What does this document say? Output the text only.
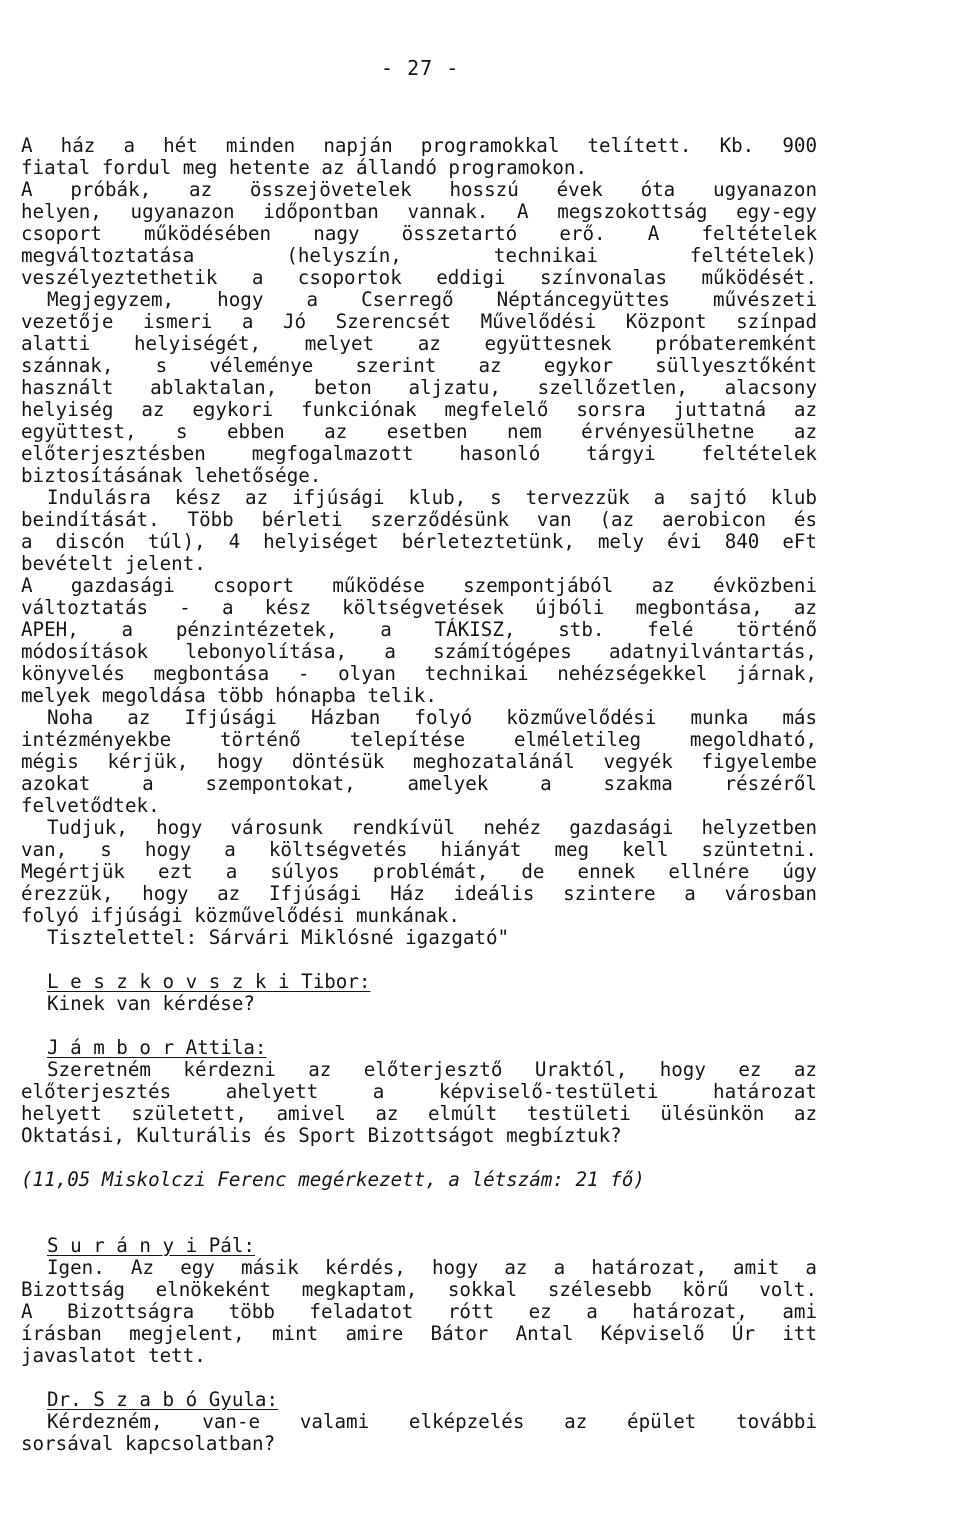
- 27 -
A ház a hét minden napján programokkal telített. Kb. 900
fiatal fordul meg hetente az állandó programokon.
A próbák, az összejövetelek hosszú évek óta ugyanazon
helyen, ugyanazon időpontban vannak. A megszokottság egy-egy
csoport működésében nagy összetartó erő. A feltételek
megváltoztatása (helyszín, technikai feltételek)
veszélyeztethetik a csoportok eddigi színvonalas működését.
Megjegyzem, hogy a Cserregő Néptáncegyüttes művészeti
vezetője ismeri a Jó Szerencsét Művelődési Központ színpad
alatti helyiségét, melyet az együttesnek próbateremként
szánnak, s véleménye szerint az egykor süllyesztőként
használt ablaktalan, beton aljzatu, szellőzetlen, alacsony
helyiség az egykori funkciónak megfelelő sorsra juttatná az
együttest, s ebben az esetben nem érvényesülhetne az
előterjesztésben megfogalmazott hasonló tárgyi feltételek
biztosításának lehetősége.
Indulásra kész az ifjúsági klub, s tervezzük a sajtó klub
beindítását. Több bérleti szerződésünk van (az aerobicon és
a discón túl), 4 helyiséget bérleteztetünk, mely évi 840 eFt
bevételt jelent.
A gazdasági csoport működése szempontjából az évközbeni
változtatás - a kész költségvetések újbóli megbontása, az
APEH, a pénzintézetek, a TÁKISZ, stb. felé történő
módosítások lebonyolítása, a számítógépes adatnyilvántartás,
könyvelés megbontása - olyan technikai nehézségekkel járnak,
melyek megoldása több hónapba telik.
Noha az Ifjúsági Házban folyó közművelődési munka más
intézményekbe történő telepítése elméletileg megoldható,
mégis kérjük, hogy döntésük meghozatalánál vegyék figyelembe
azokat a szempontokat, amelyek a szakma részéről
felvetődtek.
Tudjuk, hogy városunk rendkívül nehéz gazdasági helyzetben
van, s hogy a költségvetés hiányát meg kell szüntetni.
Megértjük ezt a súlyos problémát, de ennek ellnére úgy
érezzük, hogy az Ifjúsági Ház ideális szintere a városban
folyó ifjúsági közművelődési munkának.
Tisztelettel: Sárvári Miklósné igazgató"
L e s z k o v s z k i Tibor:
Kinek van kérdése?
J á m b o r Attila:
Szeretném kérdezni az előterjesztő Uraktól, hogy ez az
előterjesztés ahelyett a képviselő-testületi határozat
helyett született, amivel az elmúlt testületi ülésünkön az
Oktatási, Kulturális és Sport Bizottságot megbíztuk?
(11,05 Miskolczi Ferenc megérkezett, a létszám: 21 fő)
S u r á n y i Pál:
Igen. Az egy másik kérdés, hogy az a határozat, amit a
Bizottság elnökeként megkaptam, sokkal szélesebb körű volt.
A Bizottságra több feladatot rótt ez a határozat, ami
írásban megjelent, mint amire Bátor Antal Képviselő Úr itt
javaslatot tett.
Dr. S z a b ó Gyula:
Kérdezném, van-e valami elképzelés az épület további
sorsával kapcsolatban?
